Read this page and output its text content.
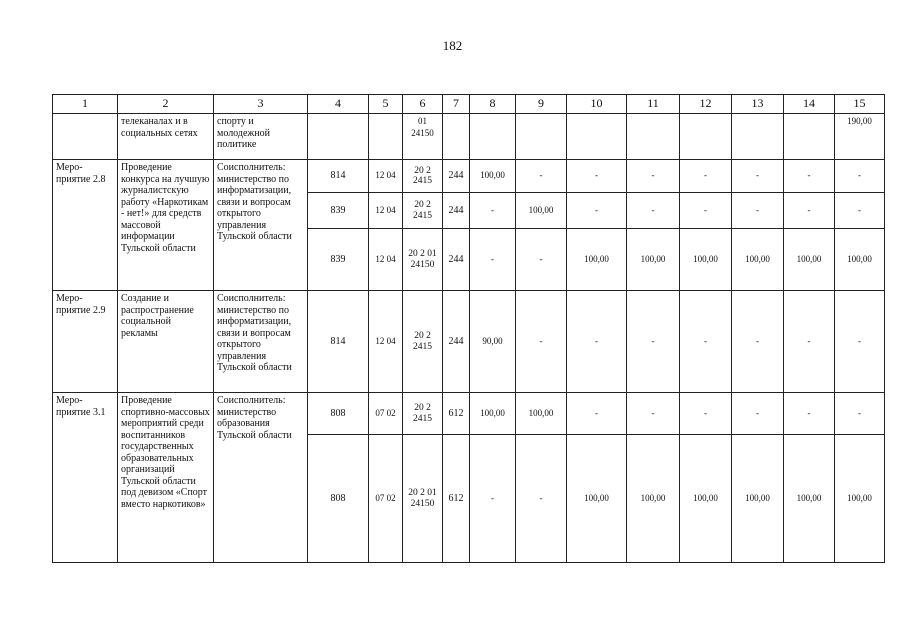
182
1	2	3	4	5	6	7	8	9	10	11	12	13	14	15
	телеканалах и в социальных сетях	спорту и молодежной политике			01 24150									190,00
Меро-приятие 2.8	Проведение конкурса на лучшую журналистскую работу «Наркотикам - нет!» для средств массовой информации Тульской области	Соисполнитель: министерство по информатизации, связи и вопросам открытого управления Тульской области	814	12 04	20 2 2415	244	100,00	-	-	-	-	-	-	-
			839	12 04	20 2 2415	244	-	100,00	-	-	-	-	-	-
			839	12 04	20 2 01 24150	244	-	-	100,00	100,00	100,00	100,00	100,00	100,00
Меро-приятие 2.9	Создание и распространение социальной рекламы	Соисполнитель: министерство по информатизации, связи и вопросам открытого управления Тульской области	814	12 04	20 2 2415	244	90,00	-	-	-	-	-	-	-
Меро-приятие 3.1	Проведение спортивно-массовых мероприятий среди воспитанников государственных образовательных организаций Тульской области под девизом «Спорт вместо наркотиков»	Соисполнитель: министерство образования Тульской области	808	07 02	20 2 2415	612	100,00	100,00	-	-	-	-	-	-
			808	07 02	20 2 01 24150	612	-	-	100,00	100,00	100,00	100,00	100,00	100,00
